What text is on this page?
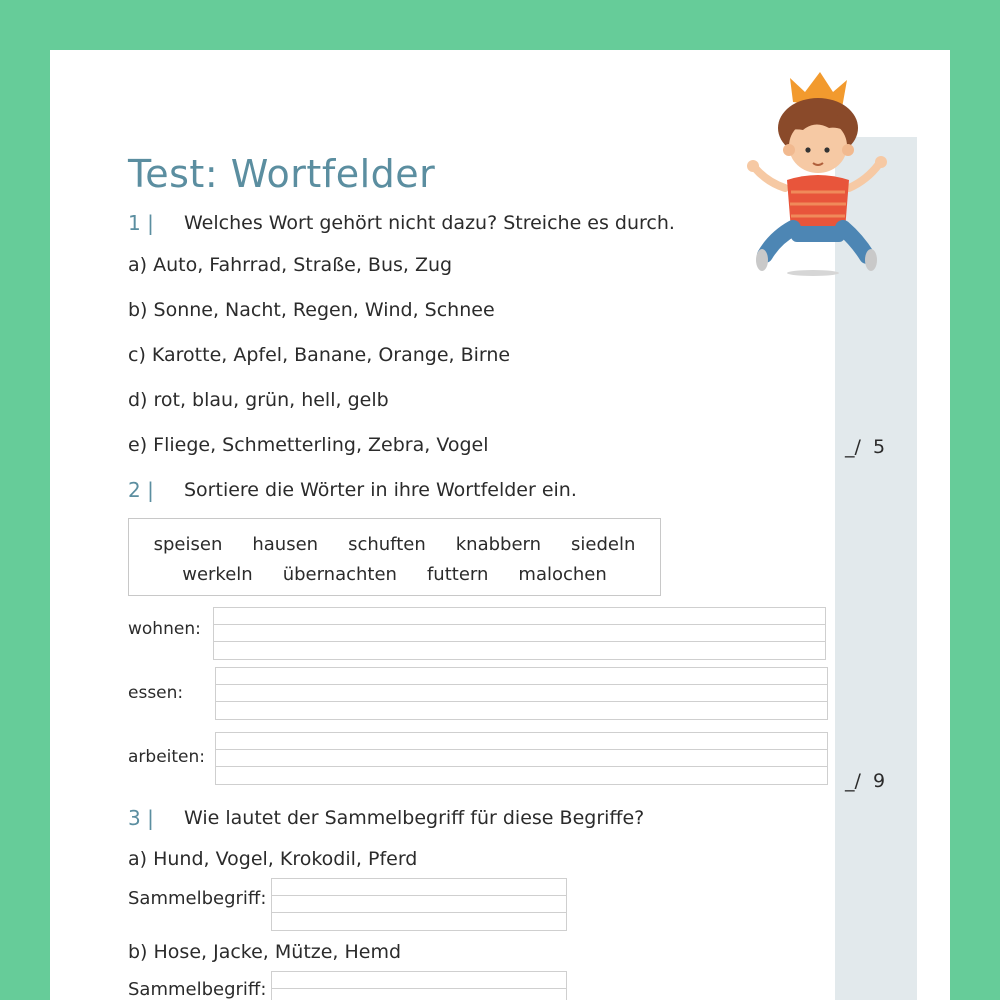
Test: Wortfelder
1 | Welches Wort gehört nicht dazu? Streiche es durch.
a) Auto, Fahrrad, Straße, Bus, Zug
b) Sonne, Nacht, Regen, Wind, Schnee
c) Karotte, Apfel, Banane, Orange, Birne
d) rot, blau, grün, hell, gelb
e) Fliege, Schmetterling, Zebra, Vogel	_/  5
2 | Sortiere die Wörter in ihre Wortfelder ein.
speisen hausen schuften knabbern siedeln
werkeln übernachten futtern malochen
wohnen:
essen:
arbeiten:
_/  9
3 | Wie lautet der Sammelbegriff für diese Begriffe?
a) Hund, Vogel, Krokodil, Pferd
Sammelbegriff:
b) Hose, Jacke, Mütze, Hemd
Sammelbegriff:
